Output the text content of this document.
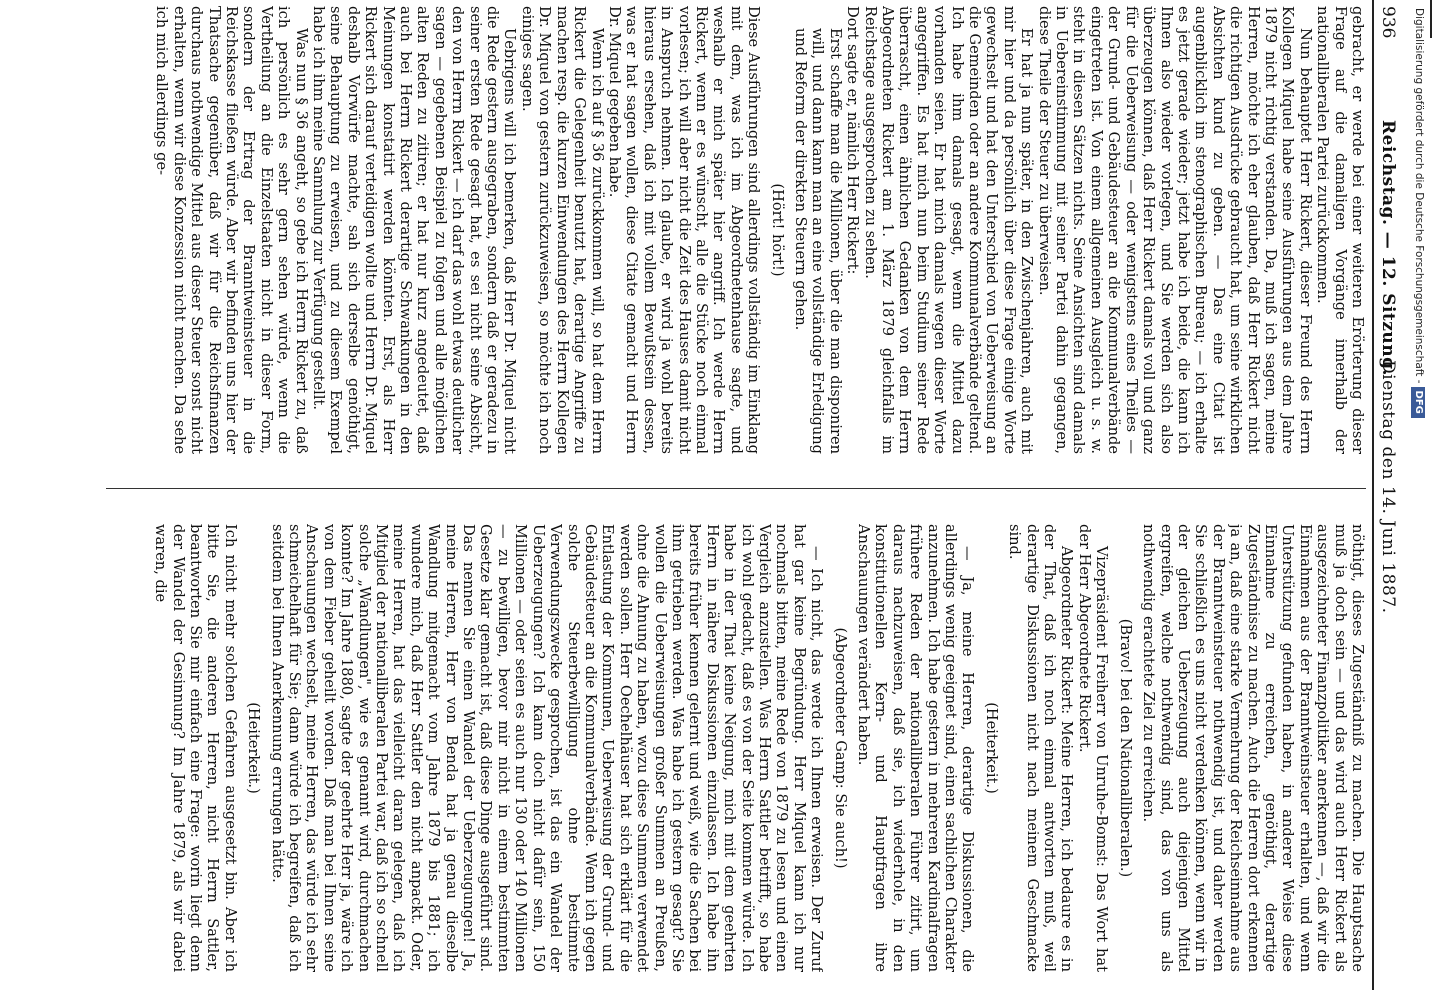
936
Reichstag. — 12. Sitzung.
Dienstag den 14. Juni 1887.

gebracht, er werde bei einer weiteren Erörterung dieser Frage auf die damaligen Vorgänge innerhalb der nationalliberalen Partei zurückkommen.

Nun behauptet Herr Rickert, dieser Freund des Herrn Kollegen Miquel habe seine Ausführungen aus dem Jahre 1879 nicht richtig verstanden. Da, muß ich sagen, meine Herren, möchte ich eher glauben, daß Herr Rickert nicht die richtigen Ausdrücke gebraucht hat, um seine wirklichen Absichten kund zu geben. — Das eine Citat ist augenblicklich im stenographischen Bureau; — ich erhalte es jetzt gerade wieder; jetzt habe ich beide, die kann ich Ihnen also wieder vorlegen, und Sie werden sich also überzeugen können, daß Herr Rickert damals voll und ganz für die Ueberweisung — oder wenigstens eines Theiles — der Grund- und Gebäudesteuer an die Kommunalverbände eingetreten ist. Von einem allgemeinen Ausgleich u. s. w. steht in diesen Sätzen nichts. Seine Ansichten sind damals in Uebereinstimmung mit seiner Partei dahin gegangen, diese Theile der Steuer zu überweisen.

Er hat ja nun später, in den Zwischenjahren, auch mit mir hier und da persönlich über diese Frage einige Worte gewechselt und hat den Unterschied von Ueberweisung an die Gemeinden oder an andere Kommunalverbände geltend. Ich habe ihm damals gesagt, wenn die Mittel dazu vorhanden seien. Er hat mich damals wegen dieser Worte angegriffen. Es hat mich nun beim Studium seiner Rede überrascht, einen ähnlichen Gedanken von dem Herrn Abgeordneten Rickert am 1. März 1879 gleichfalls im Reichstage ausgesprochen zu sehen.

Dort sagte er, nämlich Herr Rickert:

Erst schaffe man die Millionen, über die man disponiren will, und dann kann man an eine vollständige Erledigung und Reform der direkten Steuern gehen.

(Hört! hört!)

Diese Ausführungen sind allerdings vollständig im Einklang mit dem, was ich im Abgeordnetenhause sagte, und weshalb er mich später hier angriff. Ich werde Herrn Rickert, wenn er es wünscht, alle die Stücke noch einmal vorlesen; ich will aber nicht die Zeit des Hauses damit nicht in Anspruch nehmen. Ich glaube, er wird ja wohl bereits hieraus ersehen, daß ich mit vollem Bewußtsein dessen, was er hat sagen wollen, diese Citate gemacht und Herrn Dr. Miquel gegeben habe.

Wenn ich auf § 36 zurückkommen will, so hat dem Herrn Rickert die Gelegenheit benutzt hat, derartige Angriffe zu machen resp. die kurzen Einwendungen des Herrn Kollegen Dr. Miquel von gestern zurückzuweisen, so möchte ich noch einiges sagen.

Uebrigens will ich bemerken, daß Herr Dr. Miquel nicht die Rede gestern ausgegraben, sondern daß er geradezu in seiner ersten Rede gesagt hat, es sei nicht seine Absicht, den von Herrn Rickert — ich darf das wohl etwas deutlicher sagen — gegebenen Beispiel zu folgen und alle möglichen alten Reden zu zitiren; er hat nur kurz angedeutet, daß auch bei Herrn Rickert derartige Schwankungen in den Meinungen konstatirt werden könnten. Erst, als Herr Rickert sich darauf verteidigen wollte und Herrn Dr. Miquel deshalb Vorwürfe machte, sah sich derselbe genöthigt, seine Behauptung zu erweisen, und zu diesem Exempel habe ich ihm meine Sammlung zur Verfügung gestellt.

Was nun § 36 angeht, so gebe ich Herrn Rickert zu, daß ich persönlich es sehr gern sehen würde, wenn die Vertheilung an die Einzelstaaten nicht in dieser Form, sondern der Ertrag der Branntweinsteuer in die Reichskasse fließen würde. Aber wir befinden uns hier der Thatsache gegenüber, daß wir für die Reichsfinanzen durchaus nothwendige Mittel aus dieser Steuer sonst nicht erhalten, wenn wir diese Konzession nicht machen. Da sehe ich mich allerdings ge-

nöthigt, dieses Zugeständniß zu machen. Die Hauptsache muß ja doch sein — und das wird auch Herr Rickert als ausgezeichneter Finanzpolitiker anerkennen —, daß wir die Einnahmen aus der Branntweinsteuer erhalten, und wenn Unterstützung gefunden haben, in anderer Weise diese Einnahme zu erreichen, genöthigt, derartige Zugeständnisse zu machen. Auch die Herren dort erkennen ja an, daß eine starke Vermehrung der Reichseinnahme aus der Branntweinsteuer nothwendig ist, und daher werden Sie schließlich es uns nicht verdenken können, wenn wir in der gleichen Ueberzeugung auch diejenigen Mittel ergreifen, welche nothwendig sind, das von uns als nothwendig erachtete Ziel zu erreichen.

(Bravo! bei den Nationalliberalen.)

Vizepräsident Freiherr von Unruhe-Bomst: Das Wort hat der Herr Abgeordnete Rickert.

Abgeordneter Rickert: Meine Herren, ich bedaure es in der That, daß ich noch einmal antworten muß, weil derartige Diskussionen nicht nach meinem Geschmacke sind.

(Heiterkeit.)

— Ja, meine Herren, derartige Diskussionen, die allerdings wenig geeignet sind, einen sachlichen Charakter anzunehmen. Ich habe gestern in mehreren Kardinalfragen frühere Reden der nationalliberalen Führer zitirt, um daraus nachzuweisen, daß sie, ich wiederhole, in den konstitutionellen Kern- und Hauptfragen ihre Anschauungen verändert haben.

(Abgeordneter Gamp: Sie auch!)

— Ich nicht, das werde ich Ihnen erweisen. Der Zuruf hat gar keine Begründung. Herr Miquel kann ich nur nochmals bitten, meine Rede von 1879 zu lesen und einen Vergleich anzustellen. Was Herrn Sattler betrifft, so habe ich wohl gedacht, daß es von der Seite kommen würde. Ich habe in der That keine Neigung, mich mit dem geehrten Herrn in nähere Diskussionen einzulassen. Ich habe ihn bereits früher kennen gelernt und weiß, wie die Sachen bei ihm getrieben werden. Was habe ich gestern gesagt? Sie wollen die Ueberweisungen großer Summen an Preußen, ohne die Ahnung zu haben, wozu diese Summen verwendet werden sollen. Herr Oechelhäuser hat sich erklärt für die Entlastung der Kommunen, Ueberweisung der Grund- und Gebäudesteuer an die Kommunalverbände. Wenn ich gegen solche Steuerbewilligung ohne bestimmte Verwendungszwecke gesprochen, ist das ein Wandel der Ueberzeugungen? Ich kann doch nicht dafür sein, 150 Millionen — oder seien es auch nur 130 oder 140 Millionen — zu bewilligen, bevor mir nicht in einem bestimmten Gesetze klar gemacht ist, daß diese Dinge ausgeführt sind. Das nennen Sie einen Wandel der Ueberzeugungen! Ja, meine Herren, Herr von Benda hat ja genau dieselbe Wandlung mitgemacht vom Jahre 1879 bis 1881; ich wundere mich, daß Herr Sattler den nicht anpackt. Oder, meine Herren, hat das vielleicht daran gelegen, daß ich Mitglied der nationalliberalen Partei war, daß ich so schnell solche „Wandlungen", wie es genannt wird, durchmachen konnte? Im Jahre 1880, sagte der geehrte Herr ja, wäre ich von dem Fieber geheilt worden. Daß man bei Ihnen seine Anschauungen wechselt, meine Herren, das würde ich sehr schmeichelhaft für Sie; dann würde ich begreifen, daß ich seitdem bei Ihnen Anerkennung errungen hätte.

(Heiterkeit.)

Ich nicht mehr solchen Gefahren ausgesetzt bin. Aber ich bitte Sie, die anderen Herren, nicht Herrn Sattler, beantworten Sie mir einfach eine Frage: worin liegt denn der Wandel der Gesinnung? Im Jahre 1879, als wir dabei waren, die

Digitalisierung gefördert durch die Deutsche Forschungsgemeinschaft -DFG
